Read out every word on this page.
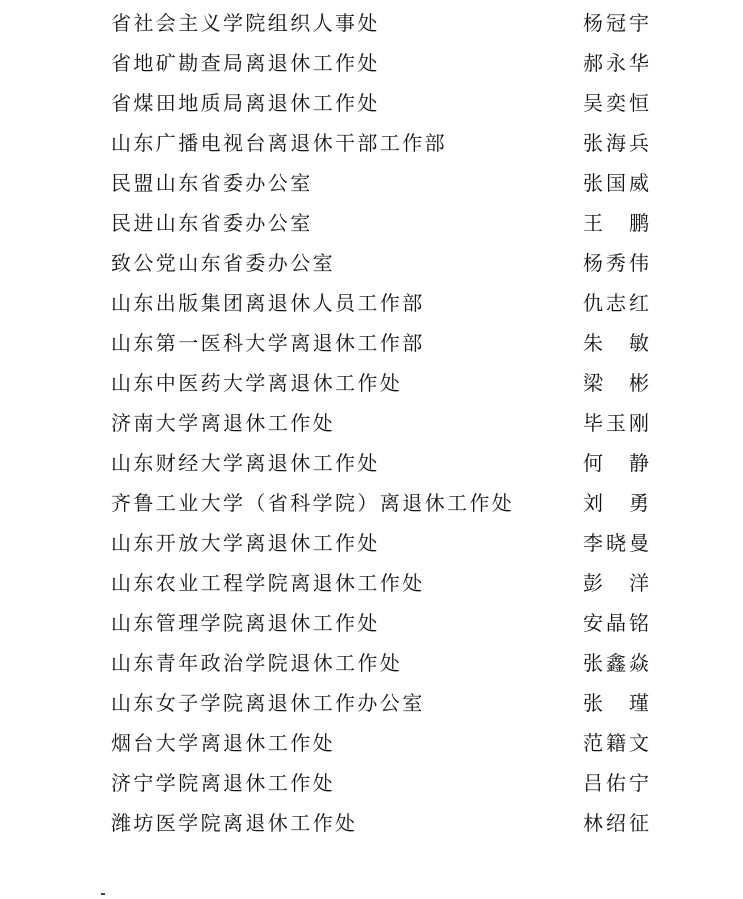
省社会主义学院组织人事处	杨 冠 宇
省地矿勘查局离退休工作处	郝 永 华
省煤田地质局离退休工作处	吴 奕 恒
山东广播电视台离退休干部工作部	张 海 兵
民盟山东省委办公室	张 国 威
民进山东省委办公室	王 鹏
致公党山东省委办公室	杨 秀 伟
山东出版集团离退休人员工作部	仇 志 红
山东第一医科大学离退休工作部	朱 敏
山东中医药大学离退休工作处	梁 彬
济南大学离退休工作处	毕 玉 刚
山东财经大学离退休工作处	何 静
齐鲁工业大学（省科学院）离退休工作处	刘 勇
山东开放大学离退休工作处	李 晓 曼
山东农业工程学院离退休工作处	彭 洋
山东管理学院离退休工作处	安 晶 铭
山东青年政治学院退休工作处	张 鑫 焱
山东女子学院离退休工作办公室	张 瑾
烟台大学离退休工作处	范 籍 文
济宁学院离退休工作处	吕 佑 宁
潍坊医学院离退休工作处	林 绍 征
